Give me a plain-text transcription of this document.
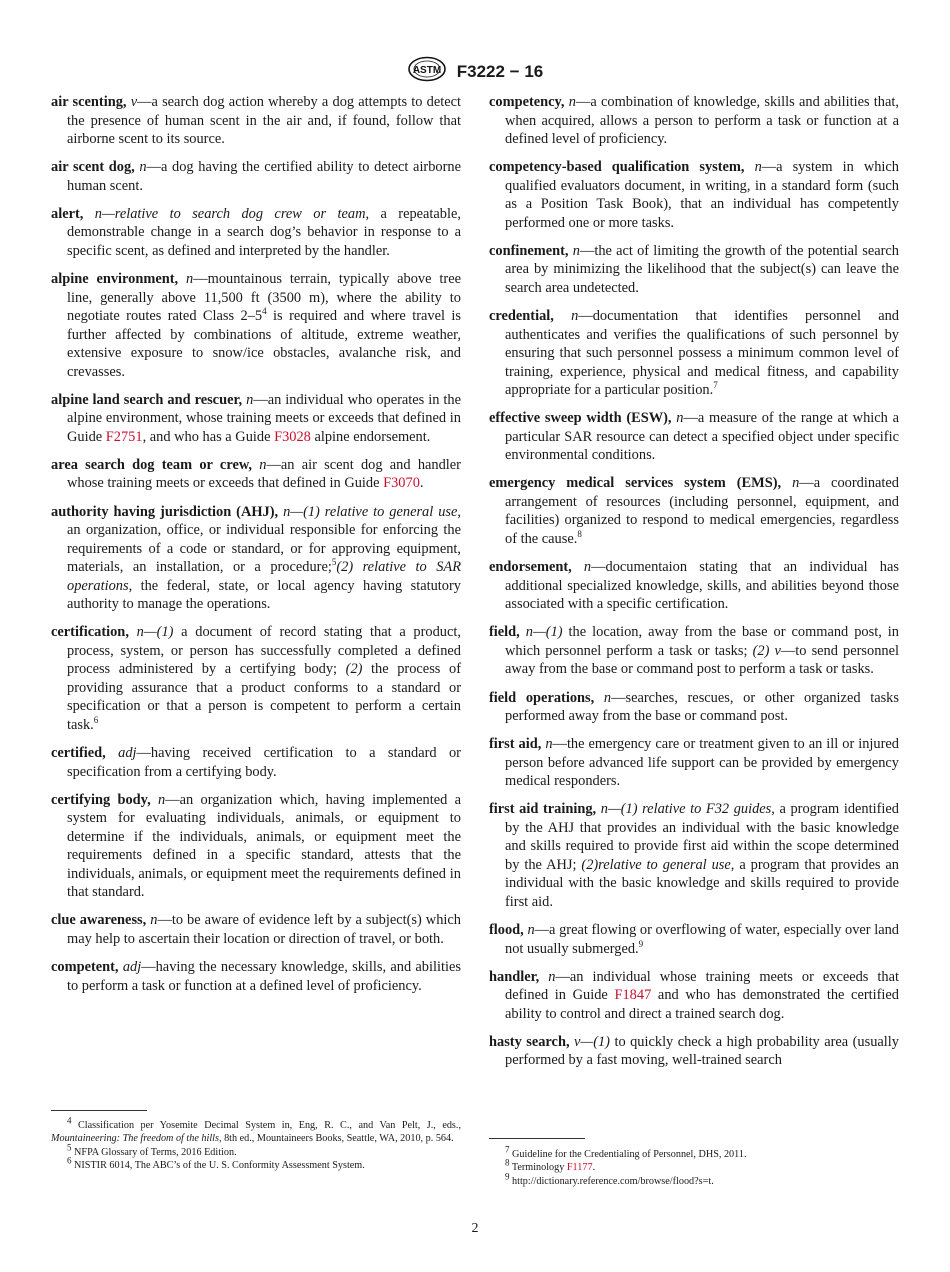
ASTM F3222 − 16

air scenting, v—a search dog action whereby a dog attempts to detect the presence of human scent in the air and, if found, follow that airborne scent to its source.

air scent dog, n—a dog having the certified ability to detect airborne human scent.

alert, n—relative to search dog crew or team, a repeatable, demonstrable change in a search dog’s behavior in response to a specific scent, as defined and interpreted by the handler.

alpine environment, n—mountainous terrain, typically above tree line, generally above 11,500 ft (3500 m), where the ability to negotiate routes rated Class $2-5^4$ is required and where travel is further affected by combinations of altitude, extreme weather, extensive exposure to snow/ice obstacles, avalanche risk, and crevasses.

alpine land search and rescuer, n—an individual who operates in the alpine environment, whose training meets or exceeds that defined in Guide F2751, and who has a Guide F3028 alpine endorsement.

area search dog team or crew, n—an air scent dog and handler whose training meets or exceeds that defined in Guide F3070.

authority having jurisdiction (AHJ), n—(1) relative to general use, an organization, office, or individual responsible for enforcing the requirements of a code or standard, or for approving equipment, materials, an installation, or a procedure;$^5$(2) relative to SAR operations, the federal, state, or local agency having statutory authority to manage the operations.

certification, n—(1) a document of record stating that a product, process, system, or person has successfully completed a defined process administered by a certifying body; (2) the process of providing assurance that a product conforms to a standard or specification or that a person is competent to perform a certain task.$^6$

certified, adj—having received certification to a standard or specification from a certifying body.

certifying body, n—an organization which, having implemented a system for evaluating individuals, animals, or equipment to determine if the individuals, animals, or equipment meet the requirements defined in a specific standard, attests that the individuals, animals, or equipment meet the requirements defined in that standard.

clue awareness, n—to be aware of evidence left by a subject(s) which may help to ascertain their location or direction of travel, or both.

competent, adj—having the necessary knowledge, skills, and abilities to perform a task or function at a defined level of proficiency.

competency, n—a combination of knowledge, skills and abilities that, when acquired, allows a person to perform a task or function at a defined level of proficiency.

competency-based qualification system, n—a system in which qualified evaluators document, in writing, in a standard form (such as a Position Task Book), that an individual has competently performed one or more tasks.

confinement, n—the act of limiting the growth of the potential search area by minimizing the likelihood that the subject(s) can leave the search area undetected.

credential, n—documentation that identifies personnel and authenticates and verifies the qualifications of such personnel by ensuring that such personnel possess a minimum common level of training, experience, physical and medical fitness, and capability appropriate for a particular position.$^7$

effective sweep width (ESW), n—a measure of the range at which a particular SAR resource can detect a specified object under specific environmental conditions.

emergency medical services system (EMS), n—a coordinated arrangement of resources (including personnel, equipment, and facilities) organized to respond to medical emergencies, regardless of the cause.$^8$

endorsement, n—documentaion stating that an individual has additional specialized knowledge, skills, and abilities beyond those associated with a specific certification.

field, n—(1) the location, away from the base or command post, in which personnel perform a task or tasks; (2) v—to send personnel away from the base or command post to perform a task or tasks.

field operations, n—searches, rescues, or other organized tasks performed away from the base or command post.

first aid, n—the emergency care or treatment given to an ill or injured person before advanced life support can be provided by emergency medical responders.

first aid training, n—(1) relative to F32 guides, a program identified by the AHJ that provides an individual with the basic knowledge and skills required to provide first aid within the scope determined by the AHJ; (2)relative to general use, a program that provides an individual with the basic knowledge and skills required to provide first aid.

flood, n—a great flowing or overflowing of water, especially over land not usually submerged.$^9$

handler, n—an individual whose training meets or exceeds that defined in Guide F1847 and who has demonstrated the certified ability to control and direct a trained search dog.

hasty search, v—(1) to quickly check a high probability area (usually performed by a fast moving, well-trained search

$^4$ Classification per Yosemite Decimal System in, Eng, R. C., and Van Pelt, J., eds., Mountaineering: The freedom of the hills, 8th ed., Mountaineers Books, Seattle, WA, 2010, p. 564.

$^5$ NFPA Glossary of Terms, 2016 Edition.

$^6$ NISTIR 6014, The ABC’s of the U. S. Conformity Assessment System.

$^7$ Guideline for the Credentialing of Personnel, DHS, 2011.

$^8$ Terminology F1177.

$^9$ http://dictionary.reference.com/browse/flood?s=t.

2
